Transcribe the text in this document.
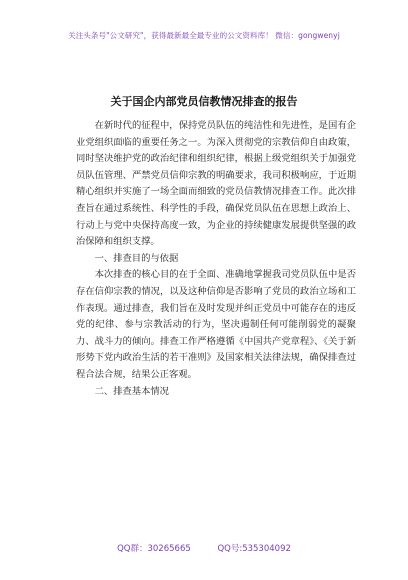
关注头条号"公文研究"，获得最新最全最专业的公文资料库！ 微信：gongwenyj
关于国企内部党员信教情况排查的报告

在新时代的征程中，保持党员队伍的纯洁性和先进性，是国有企业党组织面临的重要任务之一。为深入贯彻党的宗教信仰自由政策，同时坚决维护党的政治纪律和组织纪律，根据上级党组织关于加强党员队伍管理、严禁党员信仰宗教的明确要求，我司积极响应，于近期精心组织并实施了一场全面而细致的党员信教情况排查工作。此次排查旨在通过系统性、科学性的手段，确保党员队伍在思想上政治上、行动上与党中央保持高度一致，为企业的持续健康发展提供坚强的政治保障和组织支撑。

一、排查目的与依据

本次排查的核心目的在于全面、准确地掌握我司党员队伍中是否存在信仰宗教的情况，以及这种信仰是否影响了党员的政治立场和工作表现。通过排查，我们旨在及时发现并纠正党员中可能存在的违反党的纪律、参与宗教活动的行为，坚决遏制任何可能削弱党的凝聚力、战斗力的倾向。排查工作严格遵循《中国共产党章程》、《关于新形势下党内政治生活的若干准则》及国家相关法律法规，确保排查过程合法合规，结果公正客观。

二、排查基本情况

QQ群：30265665	QQ号:535304092
